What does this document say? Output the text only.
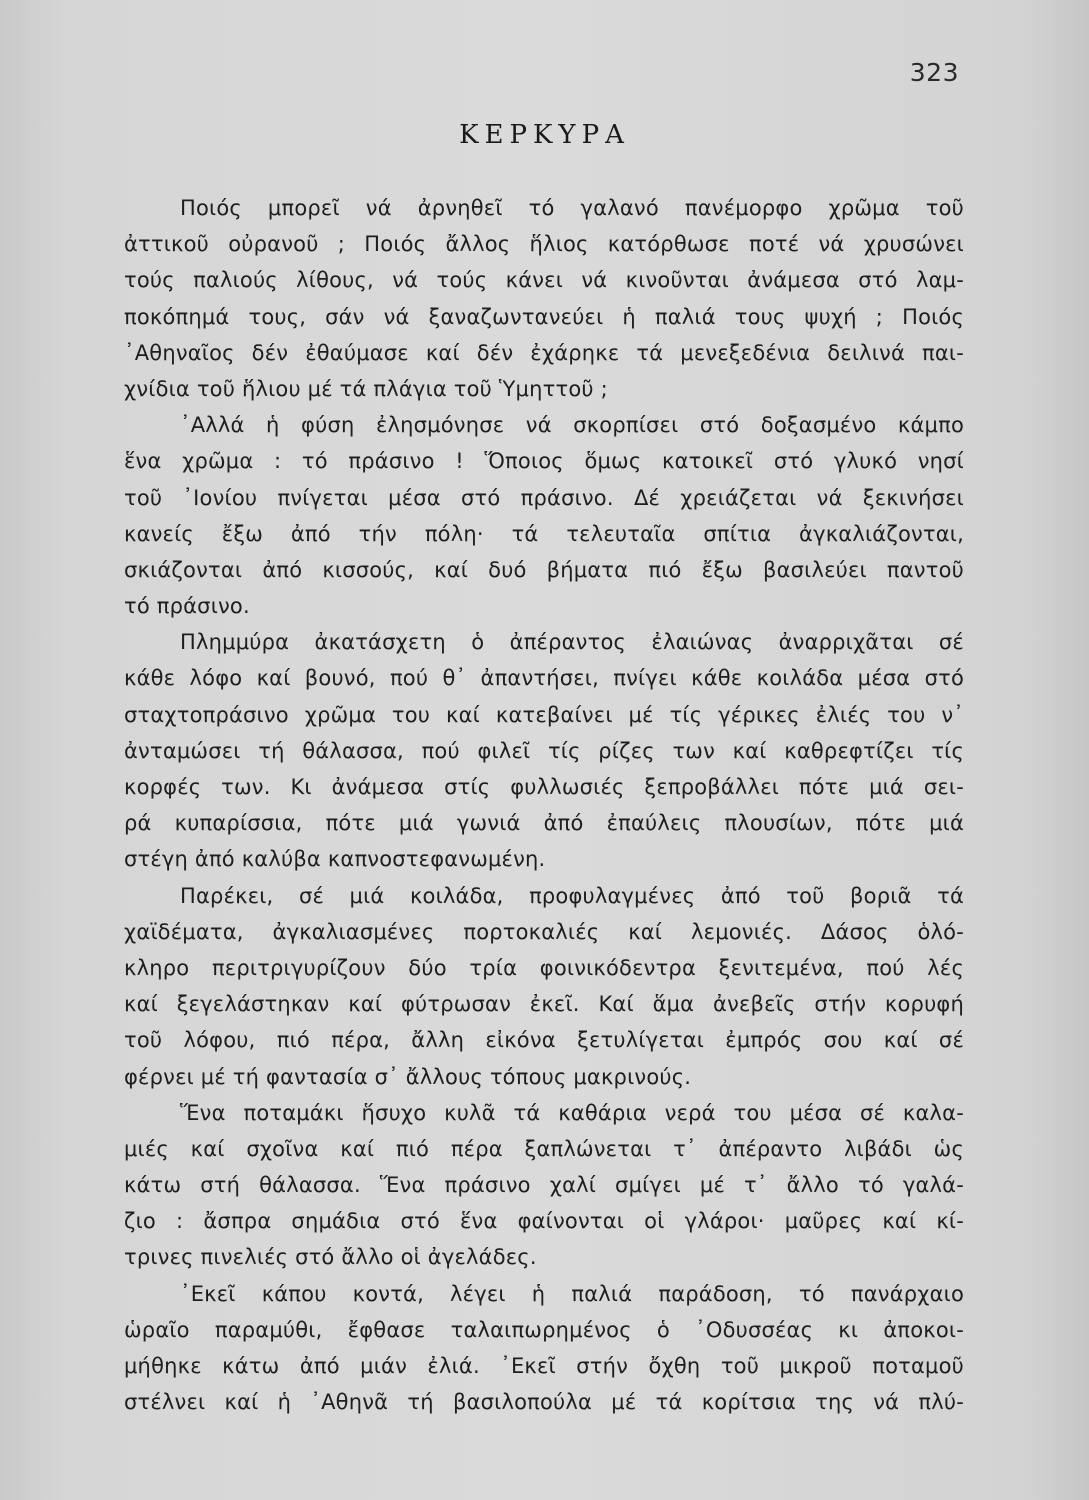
323
ΚΕΡΚΥΡΑ
Ποιός μπορεῖ νά ἀρνηθεῖ τό γαλανό πανέμορφο χρῶμα τοῦ
ἀττικοῦ οὐρανοῦ ; Ποιός ἄλλος ἥλιος κατόρθωσε ποτέ νά χρυσώνει
τούς παλιούς λίθους, νά τούς κάνει νά κινοῦνται ἀνάμεσα στό λαμ-
ποκόπημά τους, σάν νά ξαναζωντανεύει ἡ παλιά τους ψυχή ; Ποιός
᾿Αθηναῖος δέν ἐθαύμασε καί δέν ἐχάρηκε τά μενεξεδένια δειλινά παι-
χνίδια τοῦ ἥλιου μέ τά πλάγια τοῦ Ὑμηττοῦ ;
᾿Αλλά ἡ φύση ἐλησμόνησε νά σκορπίσει στό δοξασμένο κάμπο
ἕνα χρῶμα : τό πράσινο ! Ὅποιος ὅμως κατοικεῖ στό γλυκό νησί
τοῦ ᾿Ιονίου πνίγεται μέσα στό πράσινο. Δέ χρειάζεται νά ξεκινήσει
κανείς ἔξω ἀπό τήν πόλη· τά τελευταῖα σπίτια ἀγκαλιάζονται,
σκιάζονται ἀπό κισσούς, καί δυό βήματα πιό ἔξω βασιλεύει παντοῦ
τό πράσινο.
Πλημμύρα ἀκατάσχετη ὁ ἀπέραντος ἐλαιώνας ἀναρριχᾶται σέ
κάθε λόφο καί βουνό, πού θ᾿ ἀπαντήσει, πνίγει κάθε κοιλάδα μέσα στό
σταχτοπράσινο χρῶμα του καί κατεβαίνει μέ τίς γέρικες ἐλιές του ν᾿
ἀνταμώσει τή θάλασσα, πού φιλεῖ τίς ρίζες των καί καθρεφτίζει τίς
κορφές των. Κι ἀνάμεσα στίς φυλλωσιές ξεπροβάλλει πότε μιά σει-
ρά κυπαρίσσια, πότε μιά γωνιά ἀπό ἐπαύλεις πλουσίων, πότε μιά
στέγη ἀπό καλύβα καπνοστεφανωμένη.
Παρέκει, σέ μιά κοιλάδα, προφυλαγμένες ἀπό τοῦ βοριᾶ τά
χαϊδέματα, ἀγκαλιασμένες πορτοκαλιές καί λεμονιές. Δάσος ὁλό-
κληρο περιτριγυρίζουν δύο τρία φοινικόδεντρα ξενιτεμένα, πού λές
καί ξεγελάστηκαν καί φύτρωσαν ἐκεῖ. Καί ἅμα ἀνεβεῖς στήν κορυφή
τοῦ λόφου, πιό πέρα, ἄλλη εἰκόνα ξετυλίγεται ἐμπρός σου καί σέ
φέρνει μέ τή φαντασία σ᾿ ἄλλους τόπους μακρινούς.
Ἕνα ποταμάκι ἥσυχο κυλᾶ τά καθάρια νερά του μέσα σέ καλα-
μιές καί σχοῖνα καί πιό πέρα ξαπλώνεται τ᾿ ἀπέραντο λιβάδι ὡς
κάτω στή θάλασσα. Ἕνα πράσινο χαλί σμίγει μέ τ᾿ ἄλλο τό γαλά-
ζιο : ἄσπρα σημάδια στό ἕνα φαίνονται οἱ γλάροι· μαῦρες καί κί-
τρινες πινελιές στό ἄλλο οἱ ἀγελάδες.
᾿Εκεῖ κάπου κοντά, λέγει ἡ παλιά παράδοση, τό πανάρχαιο
ὡραῖο παραμύθι, ἔφθασε ταλαιπωρημένος ὁ ᾿Οδυσσέας κι ἀποκοι-
μήθηκε κάτω ἀπό μιάν ἐλιά. ᾿Εκεῖ στήν ὄχθη τοῦ μικροῦ ποταμοῦ
στέλνει καί ἡ ᾿Αθηνᾶ τή βασιλοπούλα μέ τά κορίτσια της νά πλύ-
